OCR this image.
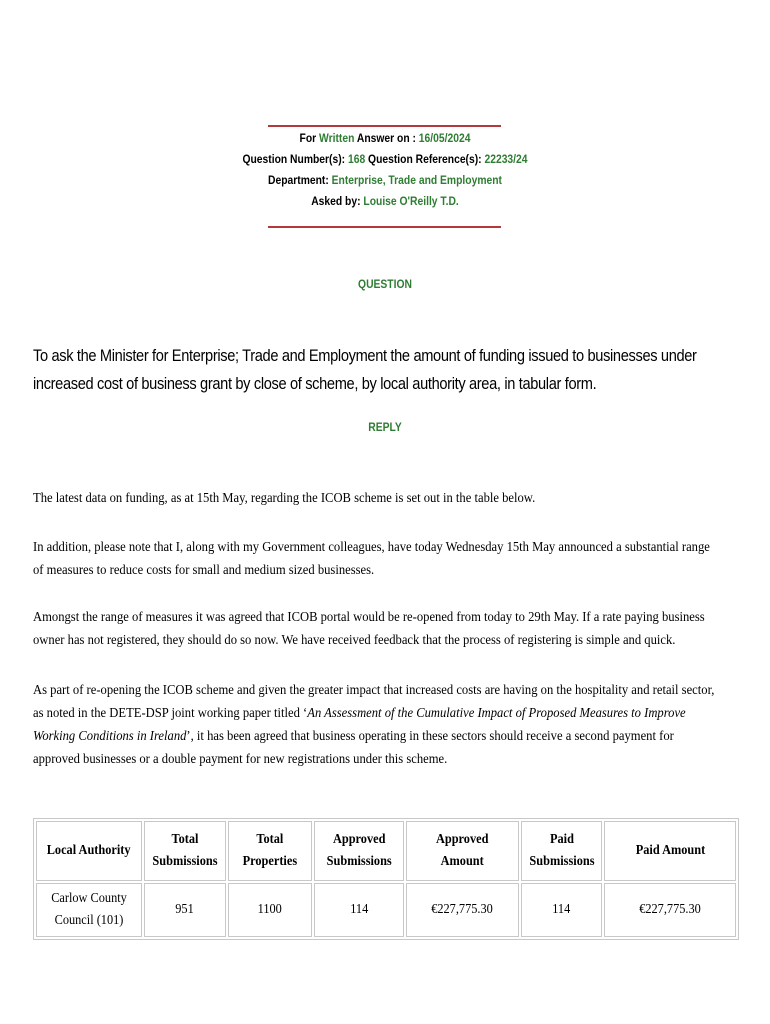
For Written Answer on : 16/05/2024
Question Number(s): 168 Question Reference(s): 22233/24
Department: Enterprise, Trade and Employment
Asked by: Louise O'Reilly T.D.
QUESTION
To ask the Minister for Enterprise; Trade and Employment the amount of funding issued to businesses under increased cost of business grant by close of scheme, by local authority area, in tabular form.
REPLY
The latest data on funding, as at 15th May, regarding the ICOB scheme is set out in the table below.
In addition, please note that I, along with my Government colleagues, have today Wednesday 15th May announced a substantial range of measures to reduce costs for small and medium sized businesses.
Amongst the range of measures it was agreed that ICOB portal would be re-opened from today to 29th May. If a rate paying business owner has not registered, they should do so now. We have received feedback that the process of registering is simple and quick.
As part of re-opening the ICOB scheme and given the greater impact that increased costs are having on the hospitality and retail sector, as noted in the DETE-DSP joint working paper titled ‘An Assessment of the Cumulative Impact of Proposed Measures to Improve Working Conditions in Ireland’, it has been agreed that business operating in these sectors should receive a second payment for approved businesses or a double payment for new registrations under this scheme.
Local Authority	Total Submissions	Total Properties	Approved Submissions	Approved Amount	Paid Submissions	Paid Amount
Carlow County Council (101)	951	1100	114	€227,775.30	114	€227,775.30
